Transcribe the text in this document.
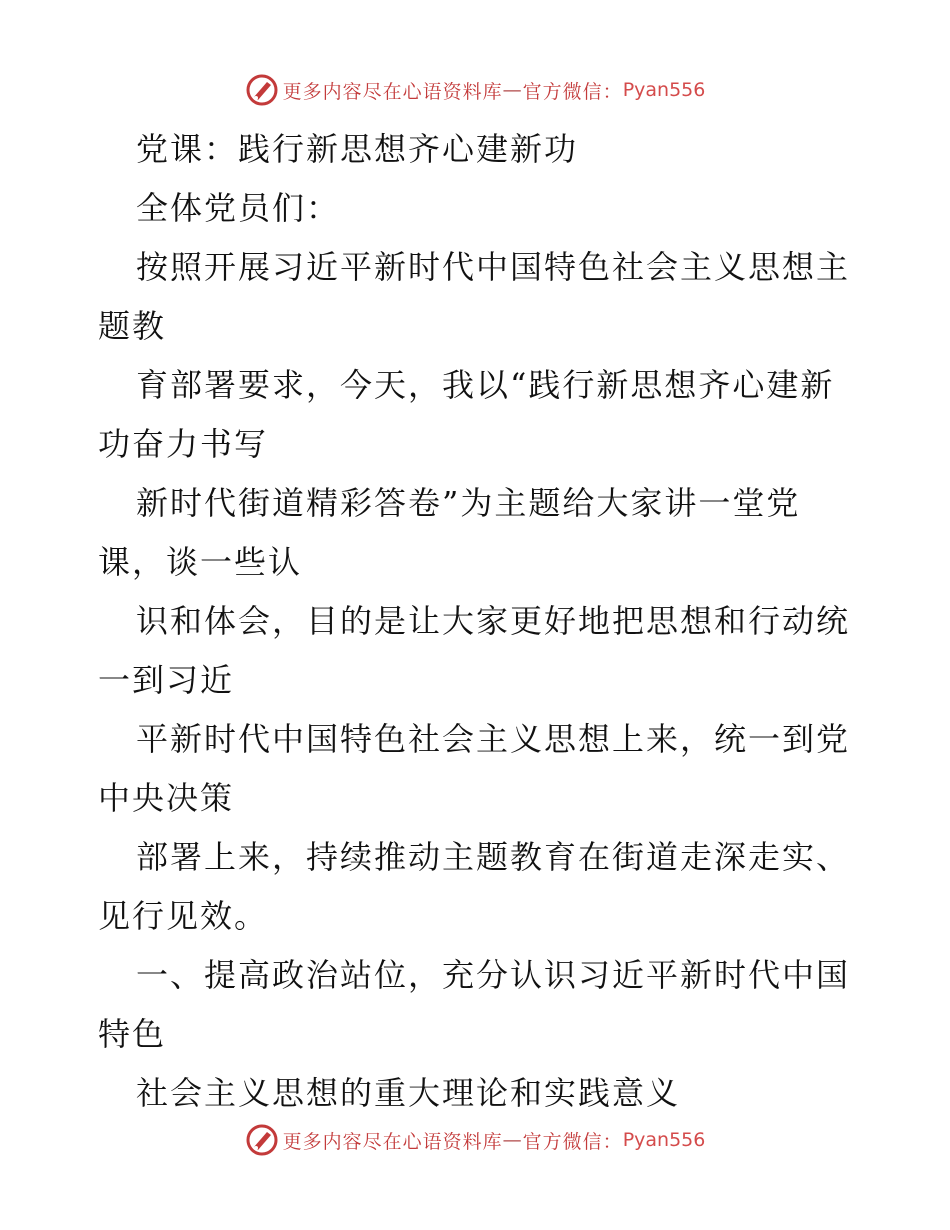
更多内容尽在心语资料库 — 官方微信： Pyan556
党课：践行新思想齐心建新功
全体党员们：
按照开展习近平新时代中国特色社会主义思想主
题教
育部署要求，今天，我以“践行新思想齐心建新
功奋力书写
新时代街道精彩答卷”为主题给大家讲一堂党
课，谈一些认
识和体会，目的是让大家更好地把思想和行动统
一到习近
平新时代中国特色社会主义思想上来，统一到党
中央决策
部署上来，持续推动主题教育在街道走深走实、
见行见效。
一、提高政治站位，充分认识习近平新时代中国
特色
社会主义思想的重大理论和实践意义
更多内容尽在心语资料库 — 官方微信： Pyan556
